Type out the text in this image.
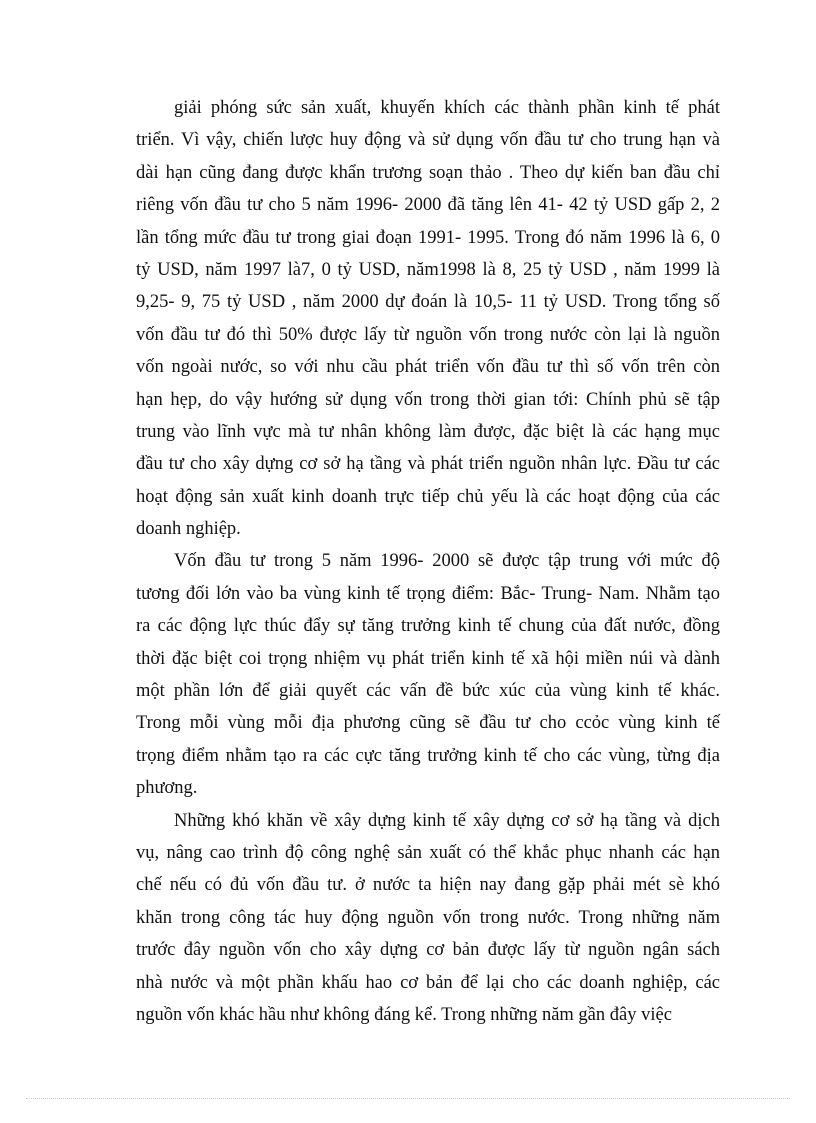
giải phóng sức sản xuất, khuyến khích các thành phần kinh tế phát
triển. Vì vậy, chiến lược huy động và sử dụng vốn đầu tư cho trung hạn và
dài hạn cũng đang được khẩn trương soạn thảo . Theo dự kiến ban đầu chỉ
riêng vốn đầu tư cho 5 năm 1996- 2000 đã tăng lên 41- 42 tỷ USD gấp 2, 2
lần tổng mức đầu tư trong giai đoạn 1991- 1995. Trong đó năm 1996 là 6, 0
tỷ USD, năm 1997 là7, 0 tỷ USD, năm1998 là 8, 25 tỷ USD , năm 1999 là
9,25- 9, 75 tỷ USD , năm 2000 dự đoán là 10,5- 11 tỷ USD. Trong tổng số
vốn đầu tư đó thì 50% được lấy từ nguồn vốn trong nước còn lại là nguồn
vốn ngoài nước, so với nhu cầu phát triển vốn đầu tư thì số vốn trên còn
hạn hẹp, do vậy hướng sử dụng vốn trong thời gian tới: Chính phủ sẽ tập
trung vào lĩnh vực mà tư nhân không làm được, đặc biệt là các hạng mục
đầu tư cho xây dựng cơ sở hạ tầng và phát triển nguồn nhân lực. Đầu tư các
hoạt động sản xuất kinh doanh trực tiếp chủ yếu là các hoạt động của các
doanh nghiệp.
Vốn đầu tư trong 5 năm 1996- 2000 sẽ được tập trung với mức độ
tương đối lớn vào ba vùng kinh tế trọng điểm: Bắc- Trung- Nam. Nhằm tạo
ra các động lực thúc đẩy sự tăng trưởng kinh tế chung của đất nước, đồng
thời đặc biệt coi trọng nhiệm vụ phát triển kinh tế xã hội miền núi và dành
một phần lớn để giải quyết các vấn đề bức xúc của vùng kinh tế khác.
Trong mỗi vùng mỗi địa phương cũng sẽ đầu tư cho ccỏc vùng kinh tế
trọng điểm nhằm tạo ra các cực tăng trưởng kinh tế cho các vùng, từng địa
phương.
Những khó khăn về xây dựng kinh tế xây dựng cơ sở hạ tầng và dịch
vụ, nâng cao trình độ công nghệ sản xuất có thể khắc phục nhanh các hạn
chế nếu có đủ vốn đầu tư. ở nước ta hiện nay đang gặp phải mét sè khó
khăn trong công tác huy động nguồn vốn trong nước. Trong những năm
trước đây nguồn vốn cho xây dựng cơ bản được lấy từ nguồn ngân sách
nhà nước và một phần khấu hao cơ bản để lại cho các doanh nghiệp, các
nguồn vốn khác hầu như không đáng kể. Trong những năm gần đây việc
